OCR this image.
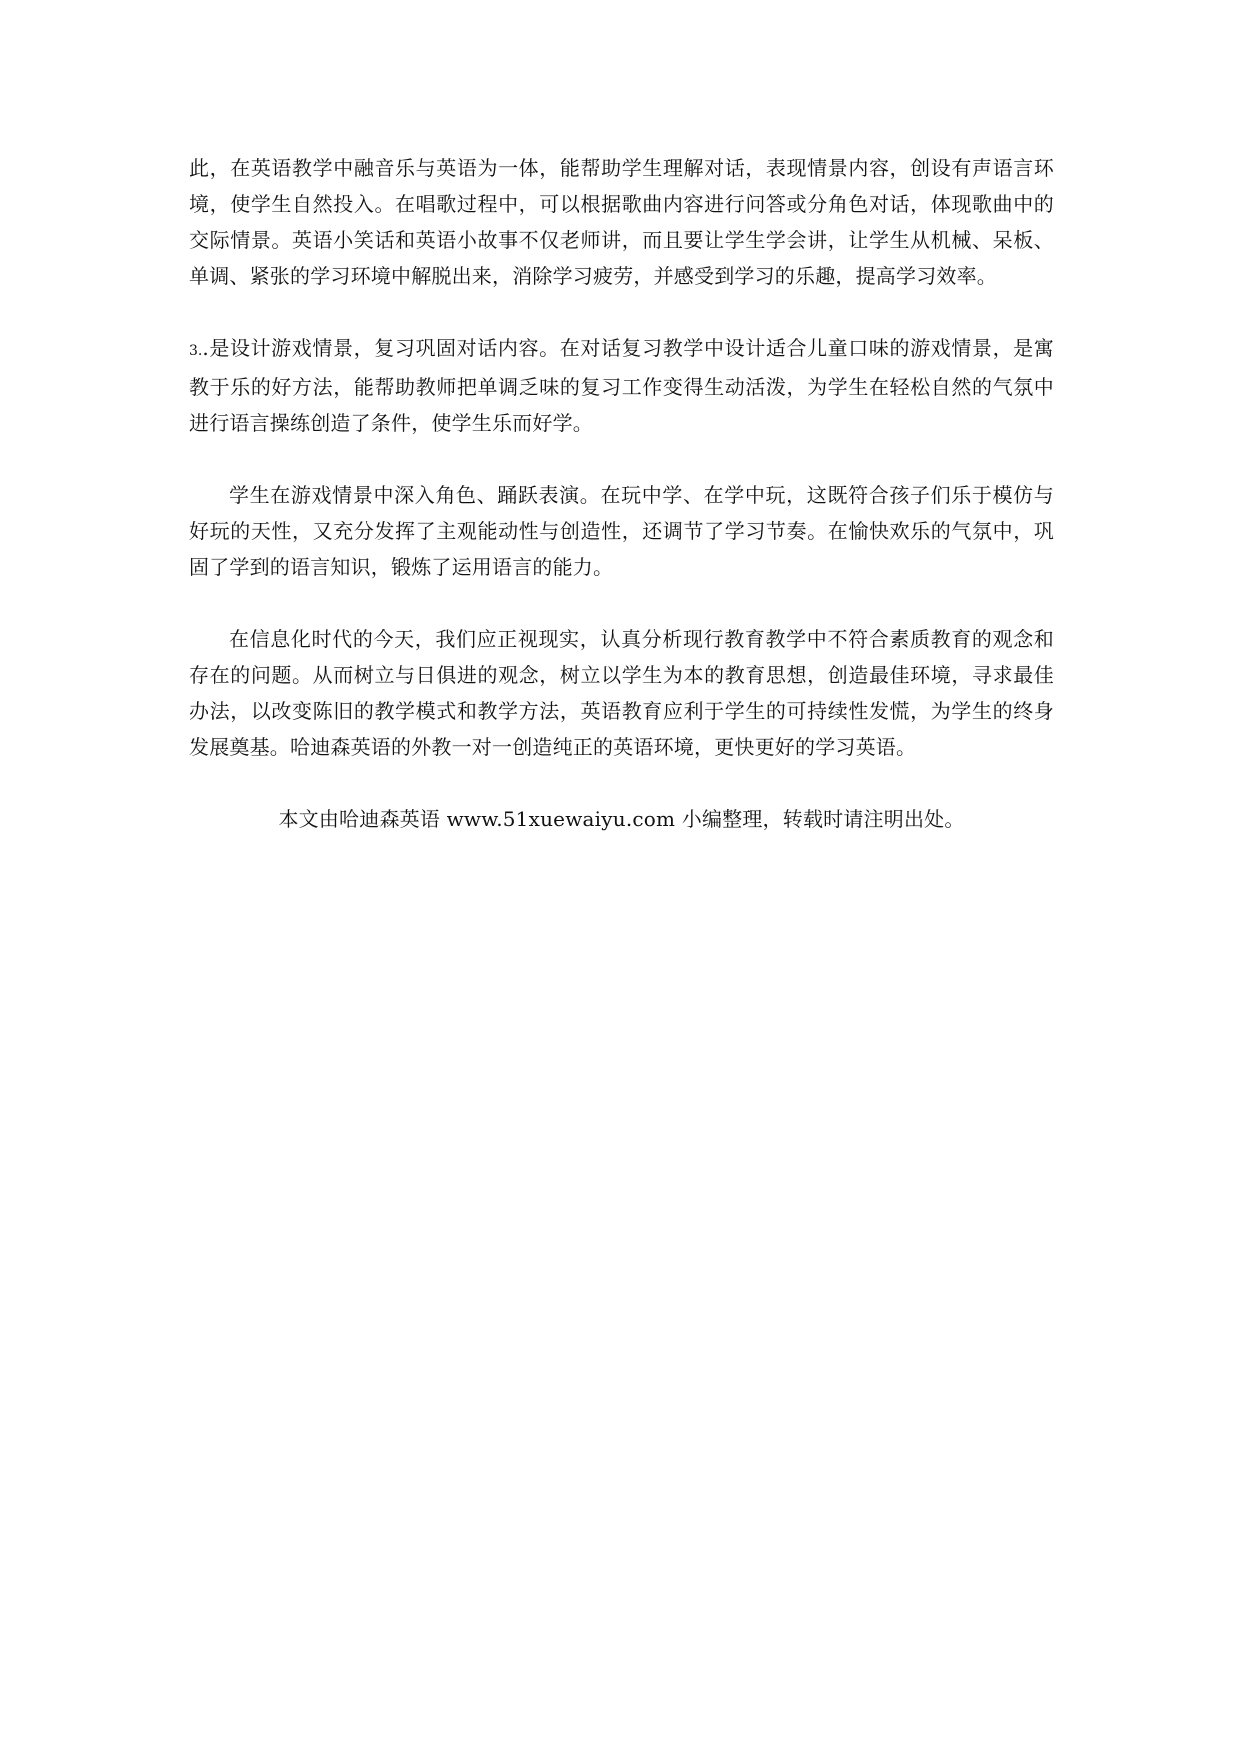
此，在英语教学中融音乐与英语为一体，能帮助学生理解对话，表现情景内容，创设有声语言环境，使学生自然投入。在唱歌过程中，可以根据歌曲内容进行问答或分角色对话，体现歌曲中的交际情景。英语小笑话和英语小故事不仅老师讲，而且要让学生学会讲，让学生从机械、呆板、单调、紧张的学习环境中解脱出来，消除学习疲劳，并感受到学习的乐趣，提高学习效率。

3..是设计游戏情景，复习巩固对话内容。在对话复习教学中设计适合儿童口味的游戏情景，是寓教于乐的好方法，能帮助教师把单调乏味的复习工作变得生动活泼，为学生在轻松自然的气氛中进行语言操练创造了条件，使学生乐而好学。

学生在游戏情景中深入角色、踊跃表演。在玩中学、在学中玩，这既符合孩子们乐于模仿与好玩的天性，又充分发挥了主观能动性与创造性，还调节了学习节奏。在愉快欢乐的气氛中，巩固了学到的语言知识，锻炼了运用语言的能力。

在信息化时代的今天，我们应正视现实，认真分析现行教育教学中不符合素质教育的观念和存在的问题。从而树立与日俱进的观念，树立以学生为本的教育思想，创造最佳环境，寻求最佳办法，以改变陈旧的教学模式和教学方法，英语教育应利于学生的可持续性发慌，为学生的终身发展奠基。哈迪森英语的外教一对一创造纯正的英语环境，更快更好的学习英语。

本文由哈迪森英语 www.51xuewaiyu.com 小编整理，转载时请注明出处。
